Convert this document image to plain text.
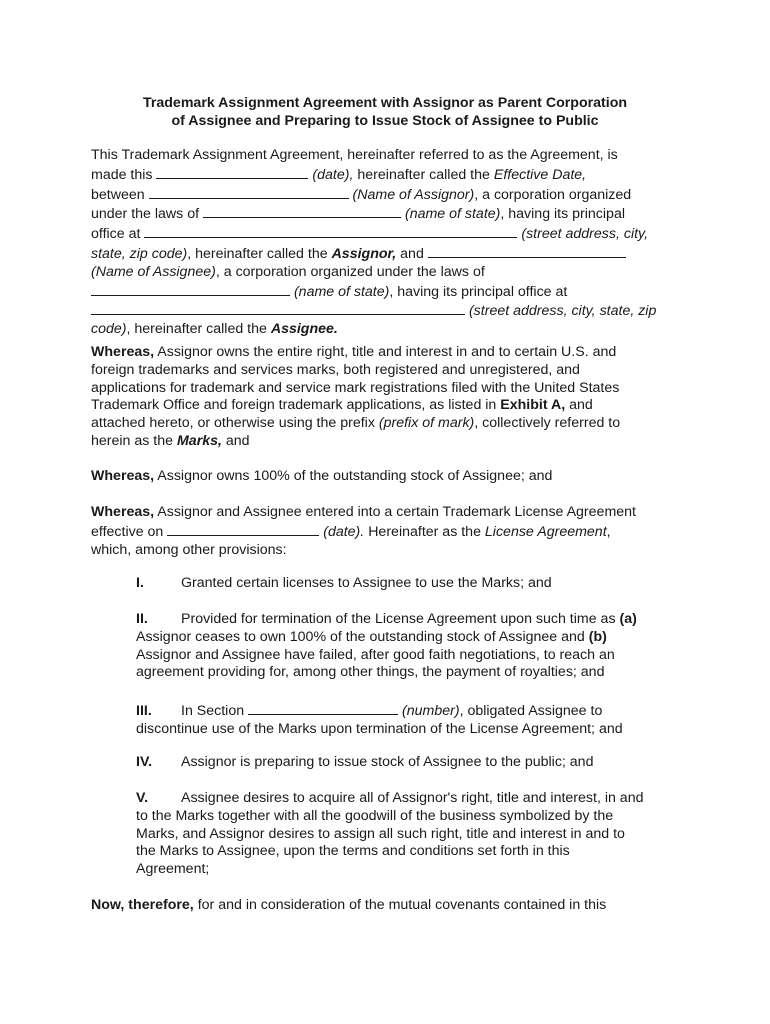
Trademark Assignment Agreement with Assignor as Parent Corporation
of Assignee and Preparing to Issue Stock of Assignee to Public
This Trademark Assignment Agreement, hereinafter referred to as the Agreement, is
made this	(date), hereinafter called the Effective Date,
between	(Name of Assignor), a corporation organized
under the laws of	(name of state), having its principal
office at	(street address, city,
state, zip code), hereinafter called the Assignor, and
(Name of Assignee), a corporation organized under the laws of
(name of state), having its principal office at
(street address, city, state, zip
code), hereinafter called the Assignee.
Whereas, Assignor owns the entire right, title and interest in and to certain U.S. and
foreign trademarks and services marks, both registered and unregistered, and
applications for trademark and service mark registrations filed with the United States
Trademark Office and foreign trademark applications, as listed in Exhibit A, and
attached hereto, or otherwise using the prefix (prefix of mark), collectively referred to
herein as the Marks, and
Whereas, Assignor owns 100% of the outstanding stock of Assignee; and
Whereas, Assignor and Assignee entered into a certain Trademark License Agreement
effective on	(date). Hereinafter as the License Agreement,
which, among other provisions:
I.	Granted certain licenses to Assignee to use the Marks; and
II. Provided for termination of the License Agreement upon such time as (a)
Assignor ceases to own 100% of the outstanding stock of Assignee and (b)
Assignor and Assignee have failed, after good faith negotiations, to reach an
agreement providing for, among other things, the payment of royalties; and
III. In Section	(number), obligated Assignee to
discontinue use of the Marks upon termination of the License Agreement; and
IV. Assignor is preparing to issue stock of Assignee to the public; and
V. Assignee desires to acquire all of Assignor's right, title and interest, in and
to the Marks together with all the goodwill of the business symbolized by the
Marks, and Assignor desires to assign all such right, title and interest in and to
the Marks to Assignee, upon the terms and conditions set forth in this
Agreement;
Now, therefore, for and in consideration of the mutual covenants contained in this
